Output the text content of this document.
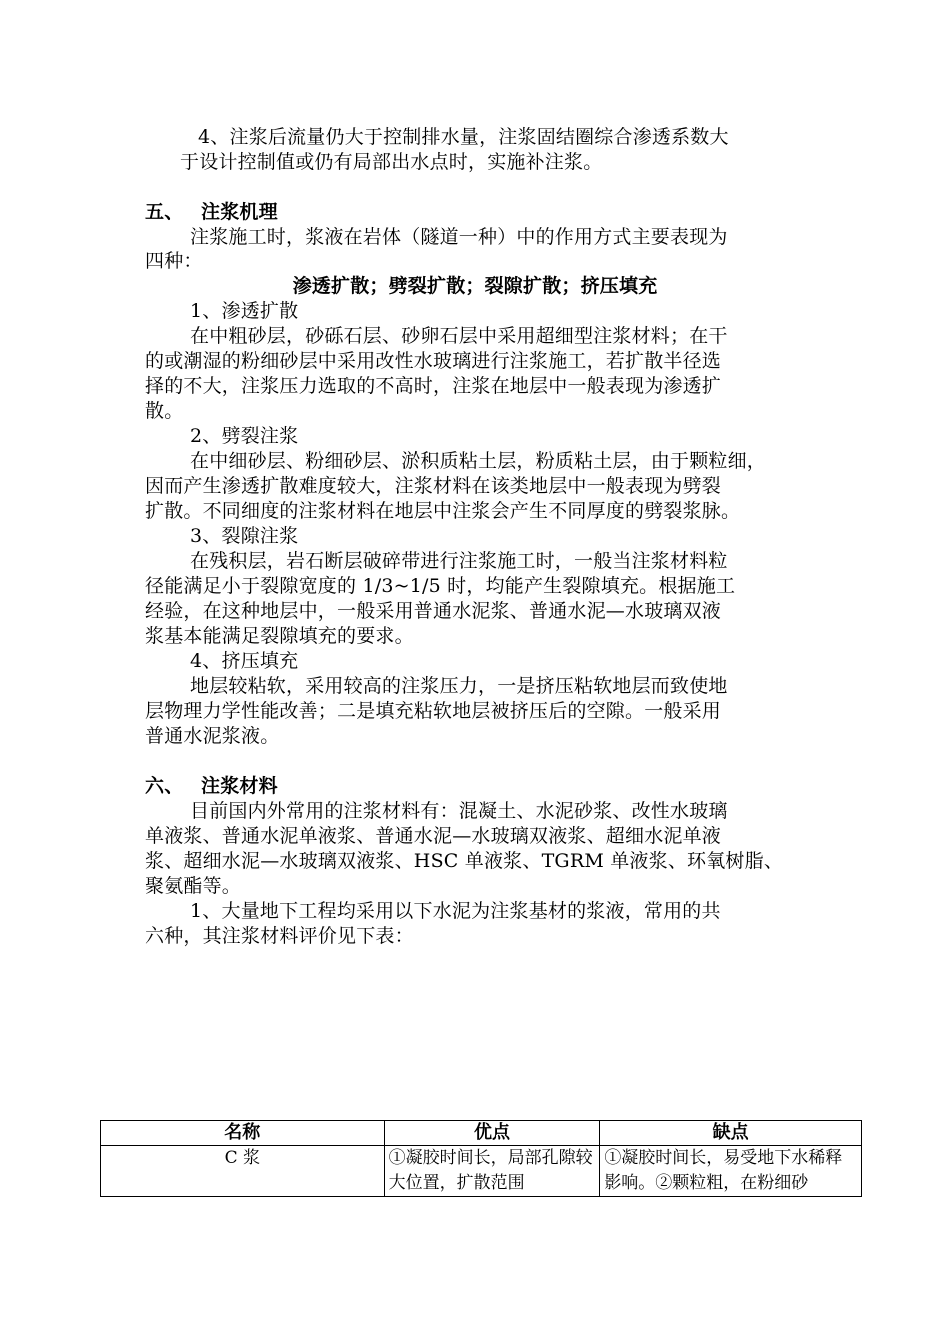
4、注浆后流量仍大于控制排水量，注浆固结圈综合渗透系数大
于设计控制值或仍有局部出水点时，实施补注浆。
五、 注浆机理
注浆施工时，浆液在岩体（隧道一种）中的作用方式主要表现为
四种：
渗透扩散；劈裂扩散；裂隙扩散；挤压填充
1、渗透扩散
在中粗砂层，砂砾石层、砂卵石层中采用超细型注浆材料；在干
的或潮湿的粉细砂层中采用改性水玻璃进行注浆施工，若扩散半径选
择的不大，注浆压力选取的不高时，注浆在地层中一般表现为渗透扩
散。
2、劈裂注浆
在中细砂层、粉细砂层、淤积质粘土层，粉质粘土层，由于颗粒细，
因而产生渗透扩散难度较大，注浆材料在该类地层中一般表现为劈裂
扩散。不同细度的注浆材料在地层中注浆会产生不同厚度的劈裂浆脉。
3、裂隙注浆
在残积层，岩石断层破碎带进行注浆施工时，一般当注浆材料粒
径能满足小于裂隙宽度的 1/3~1/5 时，均能产生裂隙填充。根据施工
经验，在这种地层中，一般采用普通水泥浆、普通水泥—水玻璃双液
浆基本能满足裂隙填充的要求。
4、挤压填充
地层较粘软，采用较高的注浆压力，一是挤压粘软地层而致使地
层物理力学性能改善；二是填充粘软地层被挤压后的空隙。一般采用
普通水泥浆液。
六、 注浆材料
目前国内外常用的注浆材料有：混凝土、水泥砂浆、改性水玻璃
单液浆、普通水泥单液浆、普通水泥—水玻璃双液浆、超细水泥单液
浆、超细水泥—水玻璃双液浆、HSC 单液浆、TGRM 单液浆、环氧树脂、
聚氨酯等。
1、大量地下工程均采用以下水泥为注浆基材的浆液，常用的共
六种，其注浆材料评价见下表：
名称	优点	缺点

C 浆	①凝胶时间长，局部孔隙较大位置，扩散范围	①凝胶时间长，易受地下水稀释影响。②颗粒粗，在粉细砂
